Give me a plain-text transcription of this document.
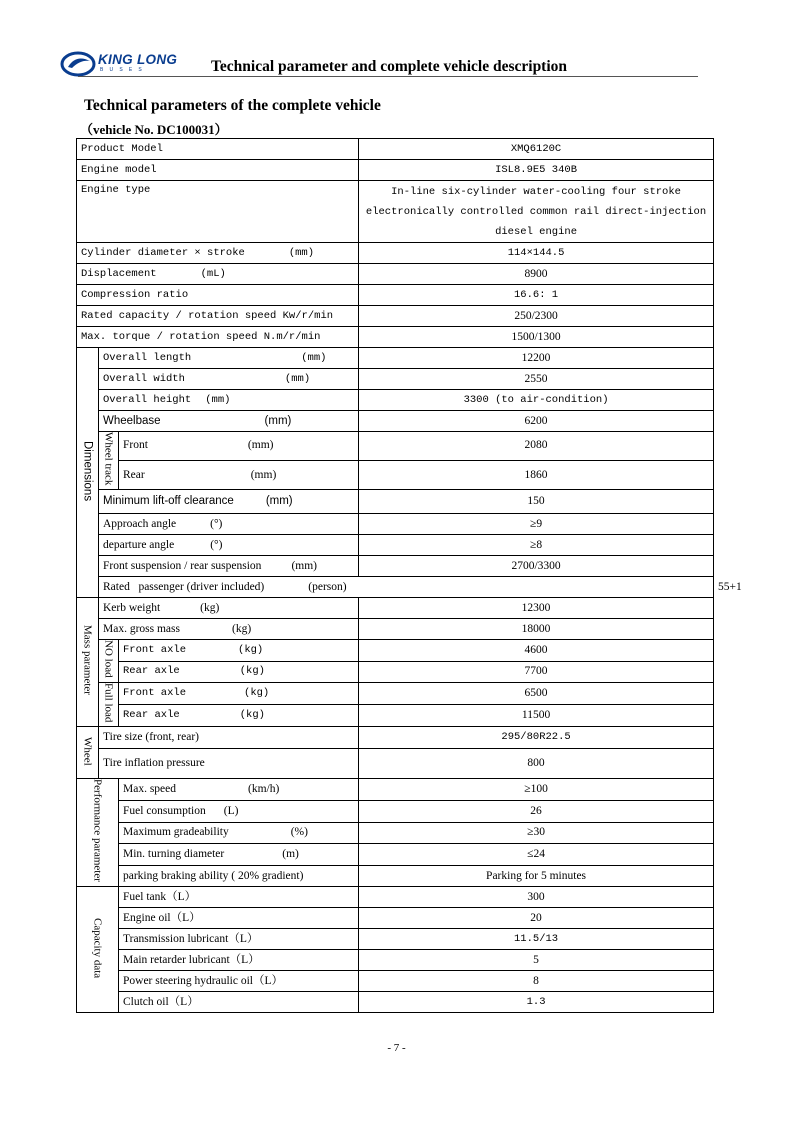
KING LONG
BUSES	Technical parameter and complete vehicle description
Technical parameters of the complete vehicle
（vehicle No. DC100031）
Product Model			XMQ6120C	
Engine model			ISL8.9E5 340B	
Engine type			In-line six-cylinder water-cooling four stroke electronically controlled common rail direct-injection diesel engine	
Cylinder diameter × stroke (mm)			114×144.5	
Displacement (mL)			8900	
Compression ratio			16.6: 1	
Rated capacity / rotation speed Kw/r/min			250/2300	
Max. torque / rotation speed N.m/r/min			1500/1300	
Dimensions	Overall length (mm)		12200	
	Overall width (mm)		2550	
	Overall height (mm)		3300 (to air-condition)	
	Wheelbase (mm)		6200	
	Wheel track	Front (mm)	2080	
		Rear (mm)	1860	
	Minimum lift-off clearance (mm)		150	
	Approach angle (°)		≥9	
	departure angle (°)		≥8	
	Front suspension / rear suspension (mm)		2700/3300	
	Rated passenger (driver included) (person)			55+1
Mass parameter	Kerb weight (kg)		12300	
	Max. gross mass (kg)		18000	
	NO load	Front axle (kg)	4600	
		Rear axle (kg)	7700	
	Full load	Front axle (kg)	6500	
		Rear axle (kg)	11500	
Wheel	Tire size (front, rear)		295/80R22.5	
	Tire inflation pressure		800	
Performance parameter		Max. speed (km/h)	≥100	
		Fuel consumption (L)	26	
		Maximum gradeability (%)	≥30	
		Min. turning diameter (m)	≤24	
		parking braking ability ( 20% gradient)	Parking for 5 minutes	
Capacity data		Fuel tank（L）	300	
		Engine oil（L）	20	
		Transmission lubricant（L）	11.5/13	
		Main retarder lubricant（L）	5	
		Power steering hydraulic oil（L）	8	
		Clutch oil（L）	1.3	
- 7 -
